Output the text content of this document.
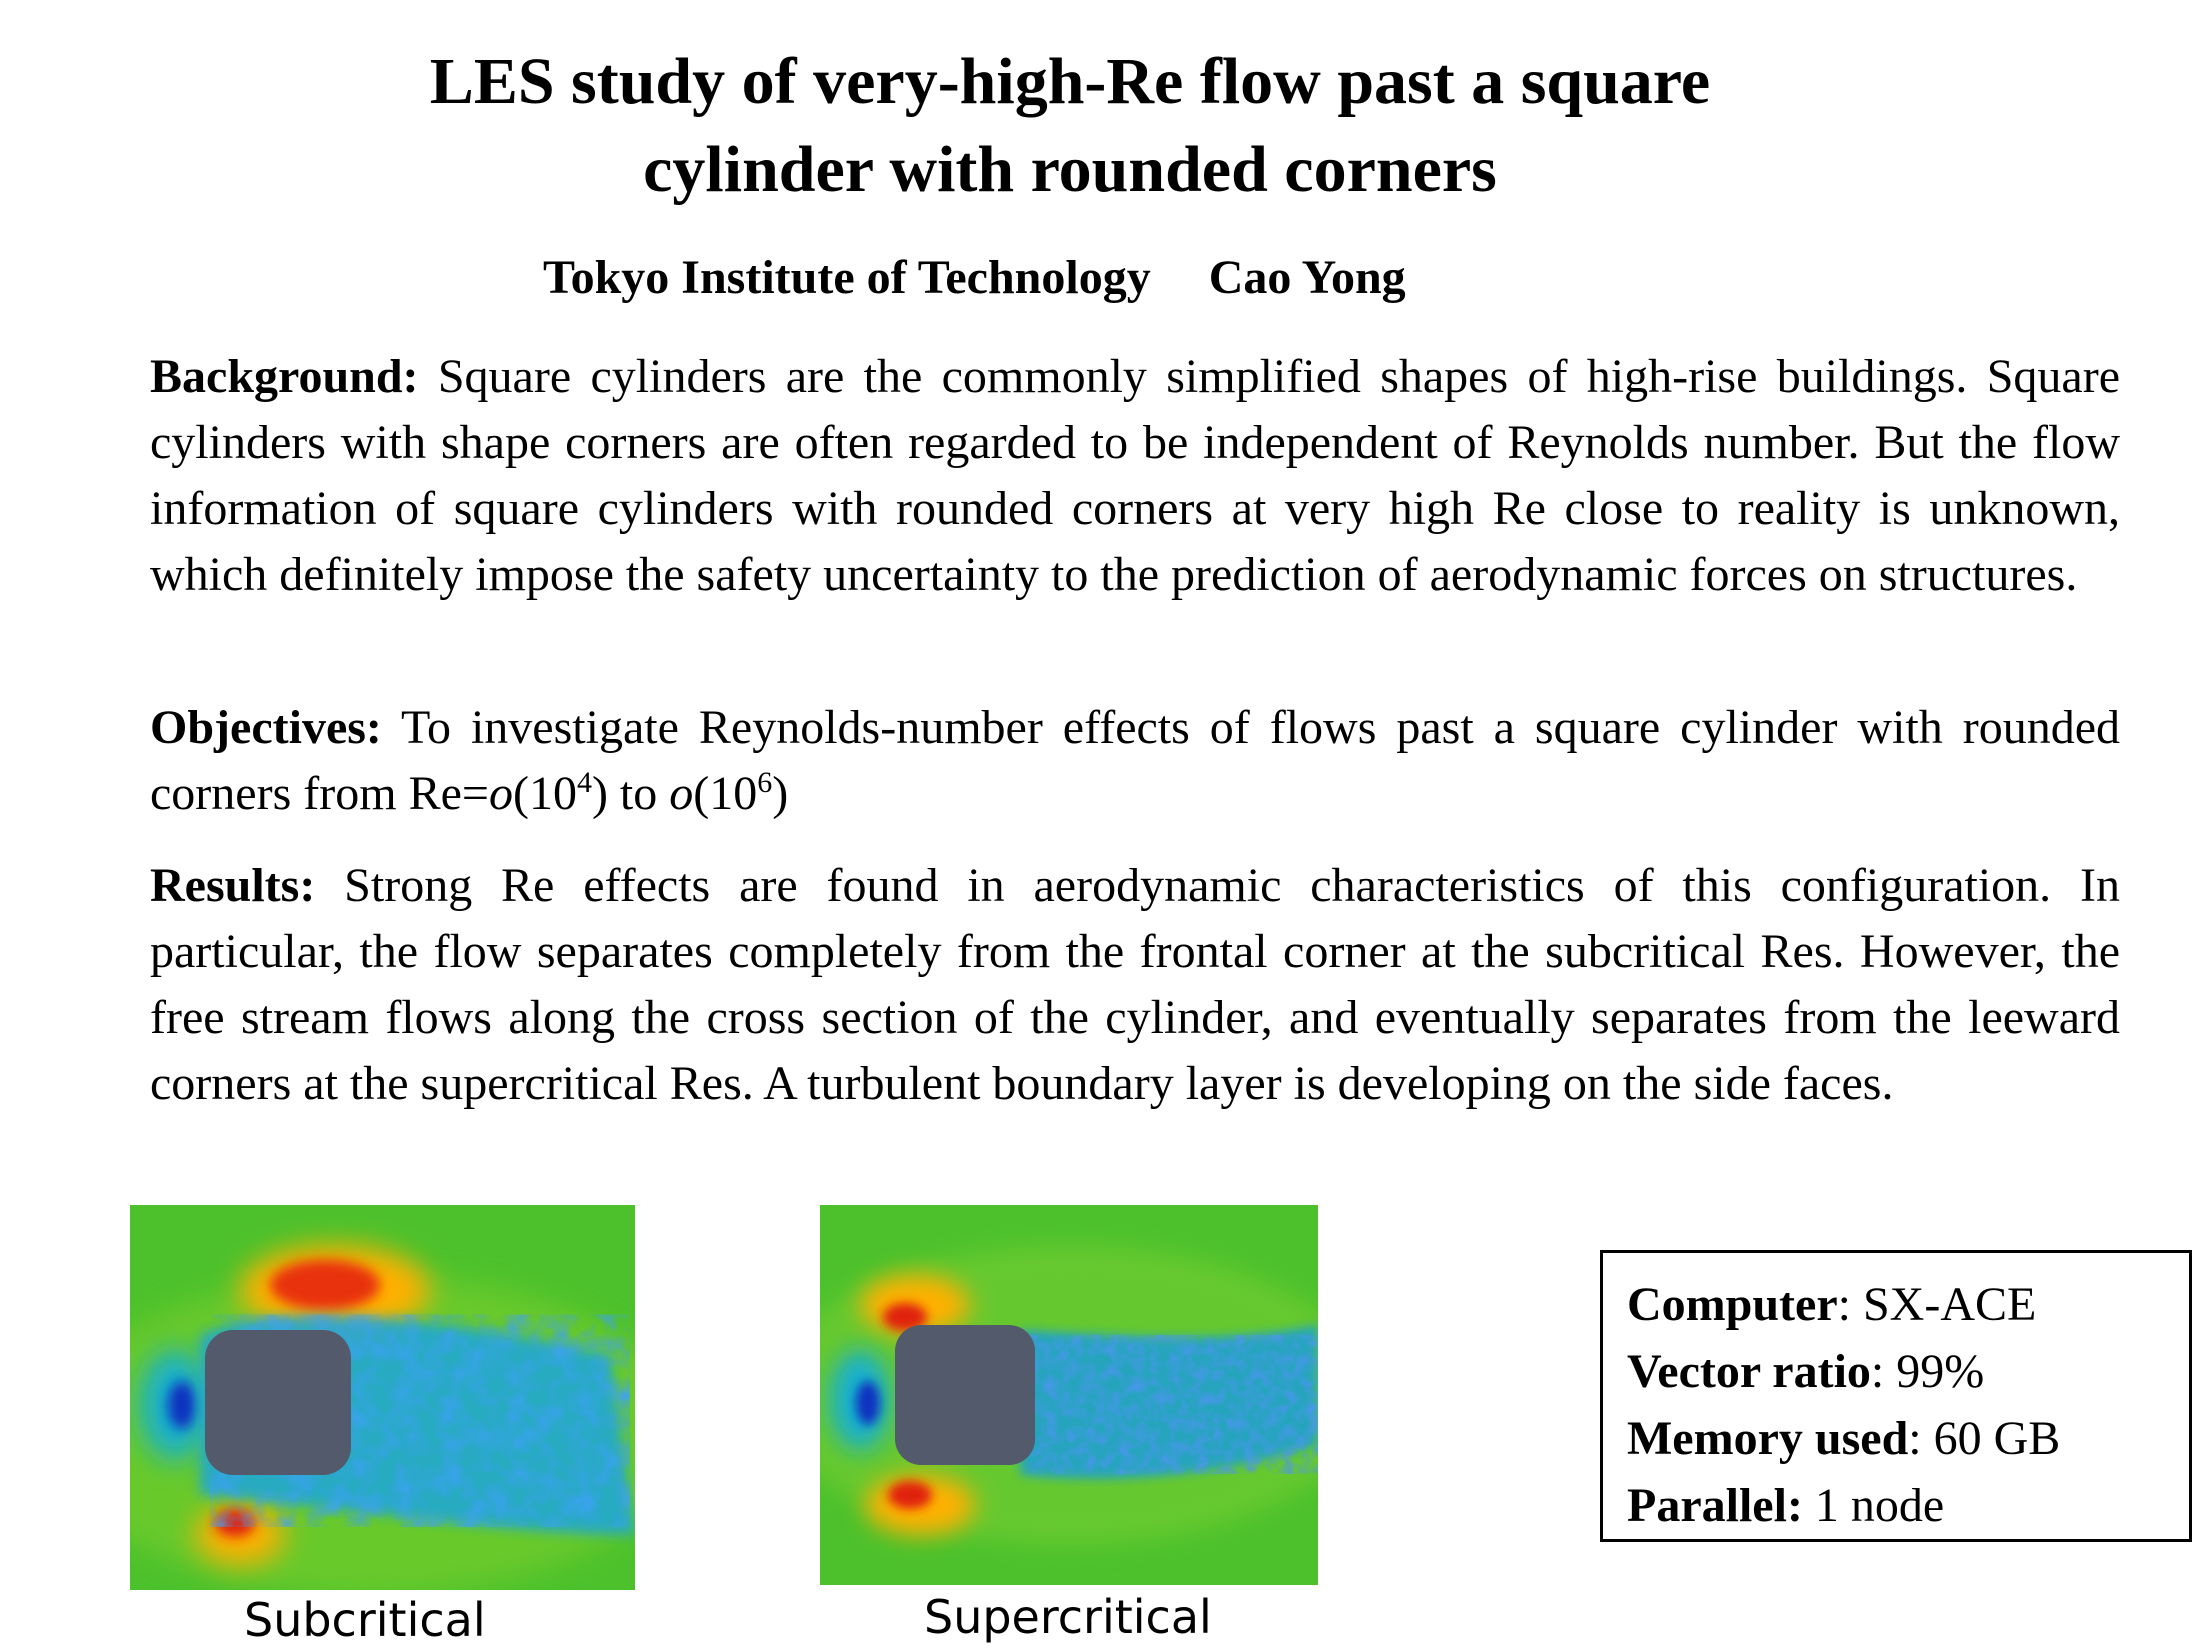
LES study of very-high-Re flow past a square
cylinder with rounded corners
Tokyo Institute of Technology Cao Yong
Background: Square cylinders are the commonly simplified shapes of high-rise buildings. Square cylinders with shape corners are often regarded to be independent of Reynolds number. But the flow information of square cylinders with rounded corners at very high Re close to reality is unknown, which definitely impose the safety uncertainty to the prediction of aerodynamic forces on structures.
Objectives: To investigate Reynolds-number effects of flows past a square cylinder with rounded corners from $Re=o(10^4)$ to $o(10^6)$
Results: Strong Re effects are found in aerodynamic characteristics of this configuration. In particular, the flow separates completely from the frontal corner at the subcritical Res. However, the free stream flows along the cross section of the cylinder, and eventually separates from the leeward corners at the supercritical Res. A turbulent boundary layer is developing on the side faces.
Subcritical	Supercritical
Computer: SX-ACE
Vector ratio: 99%
Memory used: 60 GB
Parallel: 1 node
